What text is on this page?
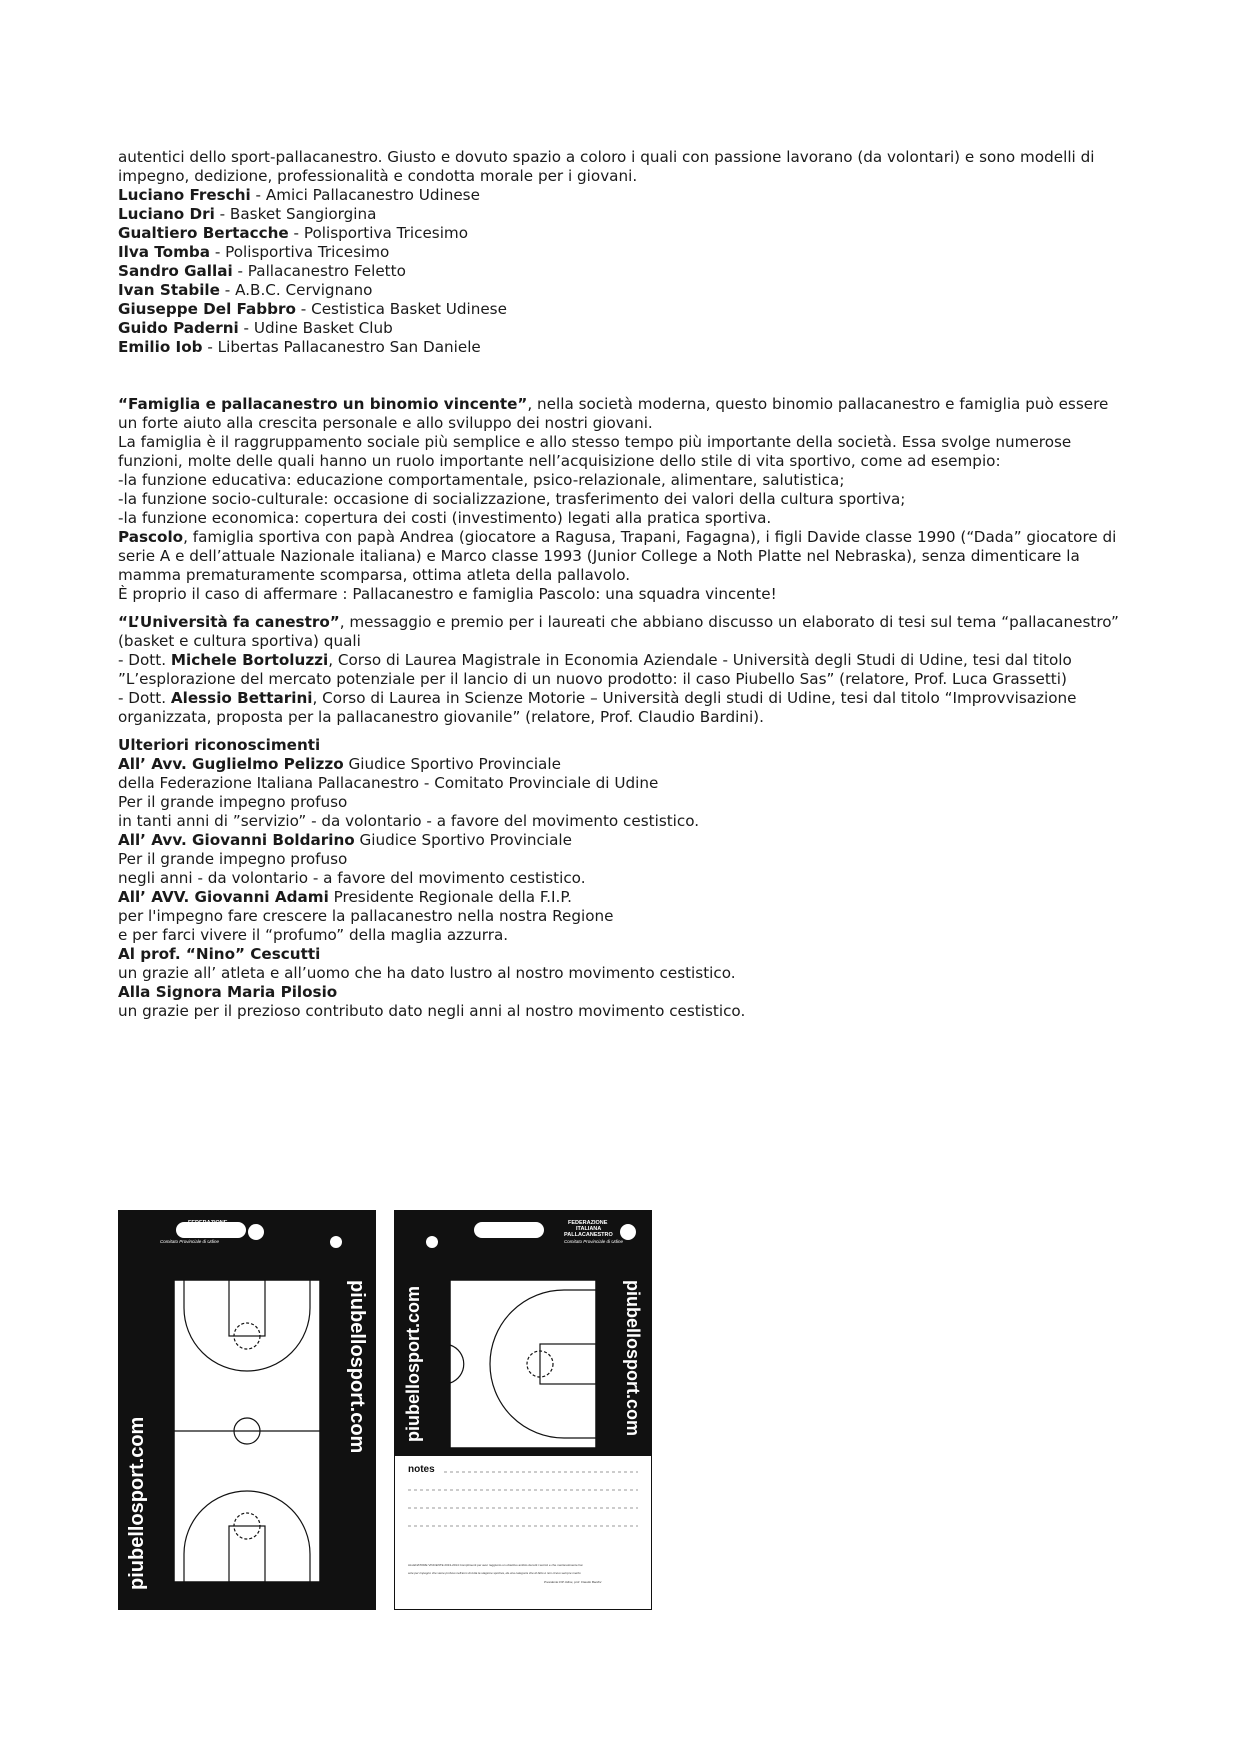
autentici dello sport-pallacanestro. Giusto e dovuto spazio a coloro i quali con passione lavorano (da volontari) e sono modelli di impegno, dedizione, professionalità e condotta morale per i giovani.

Luciano Freschi - Amici Pallacanestro Udinese

Luciano Dri - Basket Sangiorgina

Gualtiero Bertacche - Polisportiva Tricesimo

Ilva Tomba - Polisportiva Tricesimo

Sandro Gallai - Pallacanestro Feletto

Ivan Stabile - A.B.C. Cervignano

Giuseppe Del Fabbro - Cestistica Basket Udinese

Guido Paderni - Udine Basket Club

Emilio Iob - Libertas Pallacanestro San Daniele

“Famiglia e pallacanestro un binomio vincente”, nella società moderna, questo binomio pallacanestro e famiglia può essere un forte aiuto alla crescita personale e allo sviluppo dei nostri giovani.

La famiglia è il raggruppamento sociale più semplice e allo stesso tempo più importante della società. Essa svolge numerose funzioni, molte delle quali hanno un ruolo importante nell’acquisizione dello stile di vita sportivo, come ad esempio:

-la funzione educativa: educazione comportamentale, psico-relazionale, alimentare, salutistica;

-la funzione socio-culturale: occasione di socializzazione, trasferimento dei valori della cultura sportiva;

-la funzione economica: copertura dei costi (investimento) legati alla pratica sportiva.

Pascolo, famiglia sportiva con papà Andrea (giocatore a Ragusa, Trapani, Fagagna), i figli Davide classe 1990 (“Dada” giocatore di serie A e dell’attuale Nazionale italiana) e Marco classe 1993 (Junior College a Noth Platte nel Nebraska), senza dimenticare la mamma prematuramente scomparsa, ottima atleta della pallavolo.

È proprio il caso di affermare : Pallacanestro e famiglia Pascolo: una squadra vincente!

“L’Università fa canestro”, messaggio e premio per i laureati che abbiano discusso un elaborato di tesi sul tema “pallacanestro” (basket e cultura sportiva) quali

- Dott. Michele Bortoluzzi, Corso di Laurea Magistrale in Economia Aziendale - Università degli Studi di Udine, tesi dal titolo ”L’esplorazione del mercato potenziale per il lancio di un nuovo prodotto: il caso Piubello Sas” (relatore, Prof. Luca Grassetti)

- Dott. Alessio Bettarini, Corso di Laurea in Scienze Motorie – Università degli studi di Udine, tesi dal titolo “Improvvisazione organizzata, proposta per la pallacanestro giovanile” (relatore, Prof. Claudio Bardini).

Ulteriori riconoscimenti

All’ Avv. Guglielmo Pelizzo Giudice Sportivo Provinciale

della Federazione Italiana Pallacanestro - Comitato Provinciale di Udine

Per il grande impegno profuso

in tanti anni di ”servizio” - da volontario - a favore del movimento cestistico.

All’ Avv. Giovanni Boldarino Giudice Sportivo Provinciale

Per il grande impegno profuso

negli anni - da volontario - a favore del movimento cestistico.

All’ AVV. Giovanni Adami Presidente Regionale della F.I.P.

per l'impegno fare crescere la pallacanestro nella nostra Regione

e per farci vivere il “profumo” della maglia azzurra.

Al prof. “Nino” Cescutti

un grazie all’ atleta e all’uomo che ha dato lustro al nostro movimento cestistico.

Alla Signora Maria Pilosio

un grazie per il prezioso contributo dato negli anni al nostro movimento cestistico.

FEDERAZIONE
ITALIANA
PALLACANESTRO
Comitato Provinciale di Udine
piubellosport.com
piubellosport.com
FEDERAZIONE
ITALIANA
PALLACANESTRO
Comitato Provinciale di Udine
piubellosport.com	piubellosport.com
notes
ALLENATORE VINCENTE 2013-2014 Complimenti per aver raggiunto un obiettivo ambito da tutti i tecnici e che meritevolmente hai
sole per impegno che viene profuso nell'arco di tutta la stagione sportiva, da una categoria che di fatto è non ricevo sempre merito
Presidente FIP Udine, prof. Claudio Bardini
